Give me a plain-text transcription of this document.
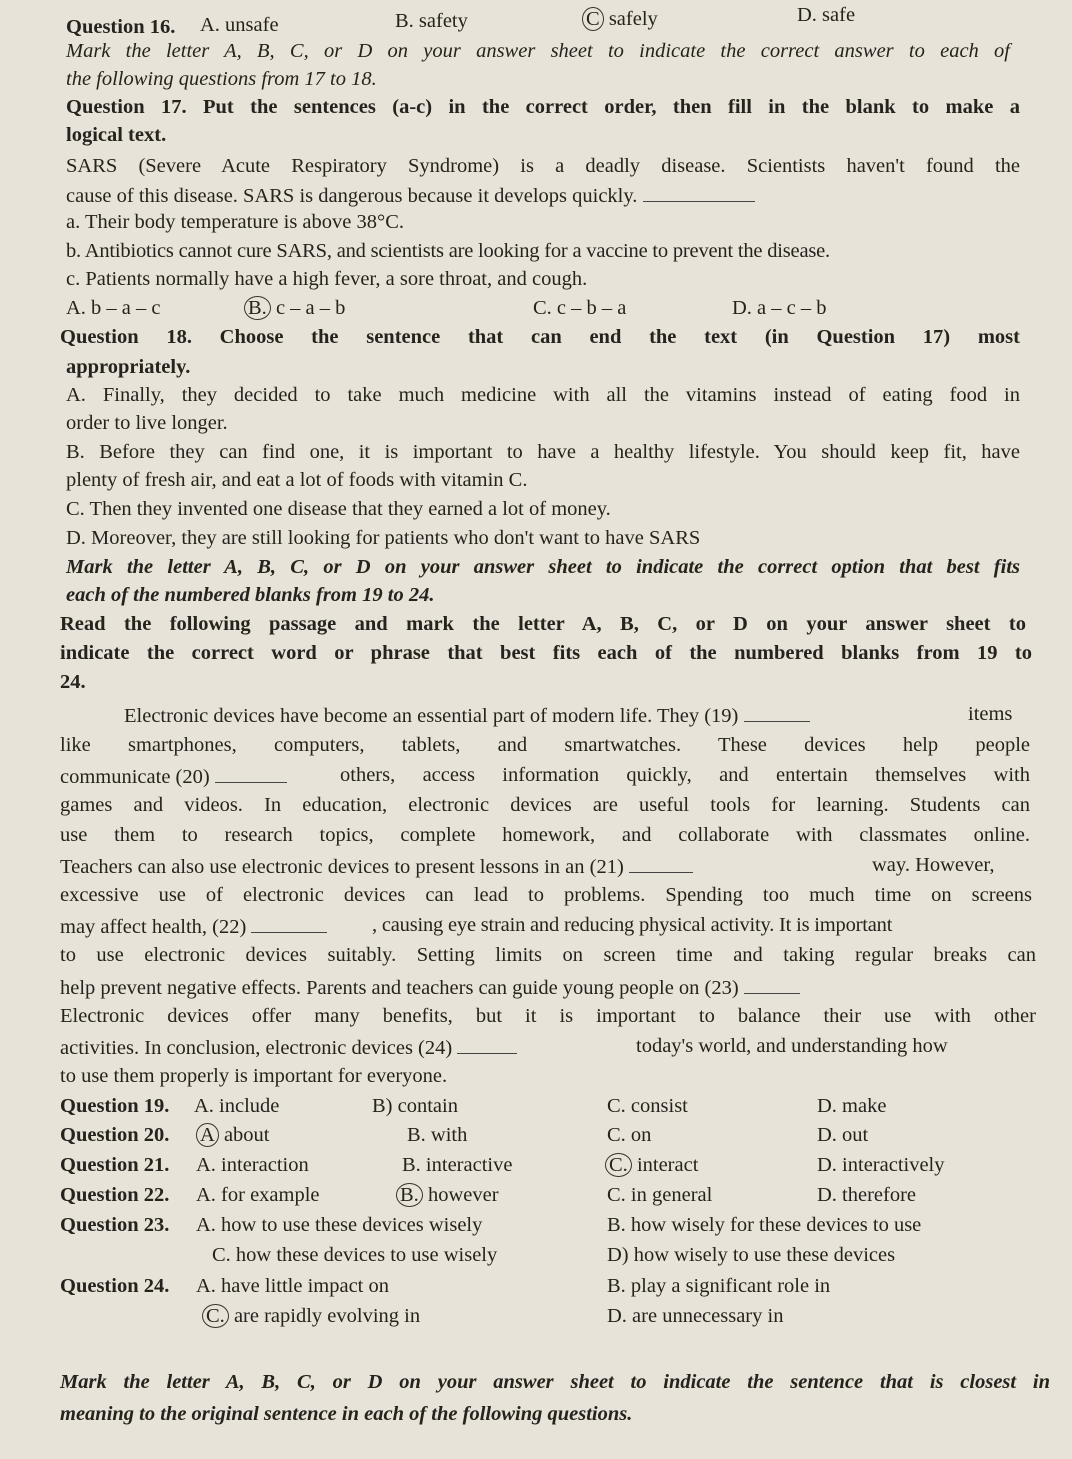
Question 16. A. unsafe	B. safety	C safely	D. safe
Mark the letter A, B, C, or D on your answer sheet to indicate the correct answer to each of
the following questions from 17 to 18.
Question 17. Put the sentences (a-c) in the correct order, then fill in the blank to make a
logical text.
SARS (Severe Acute Respiratory Syndrome) is a deadly disease. Scientists haven't found the
cause of this disease. SARS is dangerous because it develops quickly.
a. Their body temperature is above 38°C.
b. Antibiotics cannot cure SARS, and scientists are looking for a vaccine to prevent the disease.
c. Patients normally have a high fever, a sore throat, and cough.
A. b – a – c	B. c – a – b	C. c – b – a	D. a – c – b
Question 18. Choose the sentence that can end the text (in Question 17) most
appropriately.
A. Finally, they decided to take much medicine with all the vitamins instead of eating food in
order to live longer.
B. Before they can find one, it is important to have a healthy lifestyle. You should keep fit, have
plenty of fresh air, and eat a lot of foods with vitamin C.
C. Then they invented one disease that they earned a lot of money.
D. Moreover, they are still looking for patients who don't want to have SARS
Mark the letter A, B, C, or D on your answer sheet to indicate the correct option that best fits
each of the numbered blanks from 19 to 24.
Read the following passage and mark the letter A, B, C, or D on your answer sheet to
indicate the correct word or phrase that best fits each of the numbered blanks from 19 to
24.
Electronic devices have become an essential part of modern life. They (19)	items
like smartphones, computers, tablets, and smartwatches. These devices help people
communicate (20)	others, access information quickly, and entertain themselves with
games and videos. In education, electronic devices are useful tools for learning. Students can
use them to research topics, complete homework, and collaborate with classmates online.
Teachers can also use electronic devices to present lessons in an (21)	way. However,
excessive use of electronic devices can lead to problems. Spending too much time on screens
may affect health, (22)	, causing eye strain and reducing physical activity. It is important
to use electronic devices suitably. Setting limits on screen time and taking regular breaks can
help prevent negative effects. Parents and teachers can guide young people on (23)
Electronic devices offer many benefits, but it is important to balance their use with other
activities. In conclusion, electronic devices (24)	today's world, and understanding how
to use them properly is important for everyone.
Question 19. A. include	B) contain	C. consist	D. make
Question 20. A about	B. with	C. on	D. out
Question 21. A. interaction	B. interactive	C. interact	D. interactively
Question 22. A. for example	B. however	C. in general	D. therefore
Question 23. A. how to use these devices wisely	B. how wisely for these devices to use
C. how these devices to use wisely	D) how wisely to use these devices
Question 24. A. have little impact on	B. play a significant role in
C. are rapidly evolving in	D. are unnecessary in
Mark the letter A, B, C, or D on your answer sheet to indicate the sentence that is closest in
meaning to the original sentence in each of the following questions.
